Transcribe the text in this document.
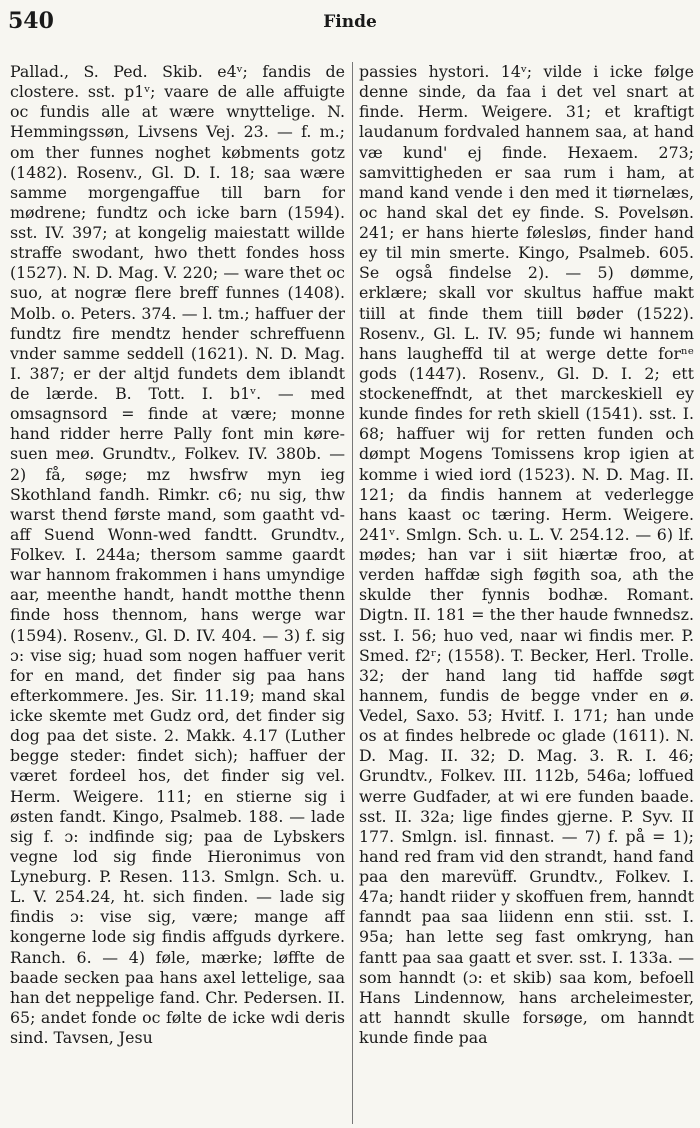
540	Finde
Pallad., S. Ped. Skib. e4ᵛ; fandis de clostere. sst. p1ᵛ; vaare de alle affuigte oc fundis alle at wære wnyttelige. N. Hemmingssøn, Livsens Vej. 23. — f. m.; om ther funnes noghet købments gotz (1482). Rosenv., Gl. D. I. 18; saa wære samme morgengaffue till barn for mødrene; fundtz och icke barn (1594). sst. IV. 397; at kongelig maiestatt willde straffe swodant, hwo thett fondes hoss (1527). N. D. Mag. V. 220; — ware thet oc suo, at nogræ flere breff funnes (1408). Molb. o. Peters. 374. — l. tm.; haffuer der fundtz fire mendtz hender schreffuenn vnder samme seddell (1621). N. D. Mag. I. 387; er der altjd fundets dem iblandt de lærde. B. Tott. I. b1ᵛ. — med omsagnsord = finde at være; monne hand ridder herre Pally font min køre-suen meø. Grundtv., Folkev. IV. 380b. — 2) få, søge; mz hwsfrw myn ieg Skothland fandh. Rimkr. c6; nu sig, thw warst thend første mand, som gaatht vd-aff Suend Wonn-wed fandtt. Grundtv., Folkev. I. 244a; thersom samme gaardt war hannom frakommen i hans umyndige aar, meenthe handt, handt motthe thenn finde hoss thennom, hans werge war (1594). Rosenv., Gl. D. IV. 404. — 3) f. sig ɔ: vise sig; huad som nogen haffuer verit for en mand, det finder sig paa hans efterkommere. Jes. Sir. 11.19; mand skal icke skemte met Gudz ord, det finder sig dog paa det siste. 2. Makk. 4.17 (Luther begge steder: findet sich); haffuer der været fordeel hos, det finder sig vel. Herm. Weigere. 111; en stierne sig i østen fandt. Kingo, Psalmeb. 188. — lade sig f. ɔ: indfinde sig; paa de Lybskers vegne lod sig finde Hieronimus von Lyneburg. P. Resen. 113. Smlgn. Sch. u. L. V. 254.24, ht. sich finden. — lade sig findis ɔ: vise sig, være; mange aff kongerne lode sig findis affguds dyrkere. Ranch. 6. — 4) føle, mærke; løffte de baade secken paa hans axel lettelige, saa han det neppelige fand. Chr. Pedersen. II. 65; andet fonde oc følte de icke wdi deris sind. Tavsen, Jesu
passies hystori. 14ᵛ; vilde i icke følge denne sinde, da faa i det vel snart at finde. Herm. Weigere. 31; et kraftigt laudanum fordvaled hannem saa, at hand væ kund' ej finde. Hexaem. 273; samvittigheden er saa rum i ham, at mand kand vende i den med it tiørnelæs, oc hand skal det ey finde. S. Povelsøn. 241; er hans hierte følesløs, finder hand ey til min smerte. Kingo, Psalmeb. 605. Se også findelse 2). — 5) dømme, erklære; skall vor skultus haffue makt tiill at finde them tiill bøder (1522). Rosenv., Gl. L. IV. 95; funde wi hannem hans laugheffd til at werge dette forⁿᵉ gods (1447). Rosenv., Gl. D. I. 2; ett stockeneffndt, at thet marckeskiell ey kunde findes for reth skiell (1541). sst. I. 68; haffuer wij for retten funden och dømpt Mogens Tomissens krop igien at komme i wied iord (1523). N. D. Mag. II. 121; da findis hannem at vederlegge hans kaast oc tæring. Herm. Weigere. 241ᵛ. Smlgn. Sch. u. L. V. 254.12. — 6) lf. mødes; han var i siit hiærtæ froo, at verden haffdæ sigh føgith soa, ath the skulde ther fynnis bodhæ. Romant. Digtn. II. 181 = the ther haude fwnnedsz. sst. I. 56; huo ved, naar wi findis mer. P. Smed. f2ʳ; (1558). T. Becker, Herl. Trolle. 32; der hand lang tid haffde søgt hannem, fundis de begge vnder en ø. Vedel, Saxo. 53; Hvitf. I. 171; han unde os at findes helbrede oc glade (1611). N. D. Mag. II. 32; D. Mag. 3. R. I. 46; Grundtv., Folkev. III. 112b, 546a; loffued werre Gudfader, at wi ere funden baade. sst. II. 32a; lige findes gjerne. P. Syv. II 177. Smlgn. isl. finnast. — 7) f. på = 1); hand red fram vid den strandt, hand fand paa den marevüff. Grundtv., Folkev. I. 47a; handt riider y skoffuen frem, hanndt fanndt paa saa liidenn enn stii. sst. I. 95a; han lette seg fast omkryng, han fantt paa saa gaatt et sver. sst. I. 133a. — som hanndt (ɔ: et skib) saa kom, befoell Hans Lindennow, hans archeleimester, att hanndt skulle forsøge, om hanndt kunde finde paa
